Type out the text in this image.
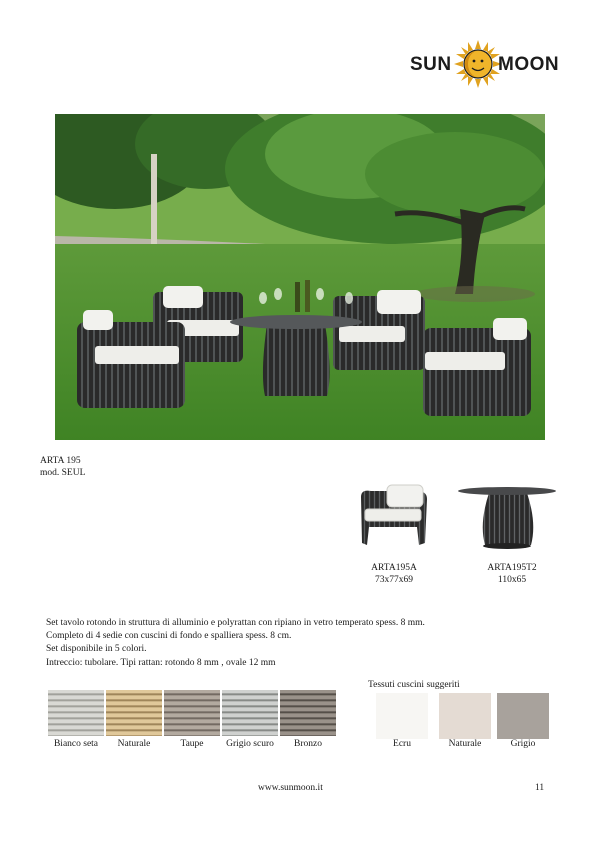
SUN MOON
ARTA 195
mod. SEUL
ARTA195A
73x77x69
ARTA195T2
110x65
Set tavolo rotondo in struttura di alluminio e polyrattan con ripiano in vetro temperato spess. 8 mm.
Completo di 4 sedie con cuscini di fondo e spalliera spess. 8 cm.
Set disponibile in 5 colori.
Intreccio: tubolare. Tipi rattan: rotondo 8 mm , ovale 12 mm
Bianco seta	Naturale	Taupe	Grigio scuro	Bronzo
Tessuti cuscini suggeriti
Ecru	Naturale	Grigio
www.sunmoon.it	11
